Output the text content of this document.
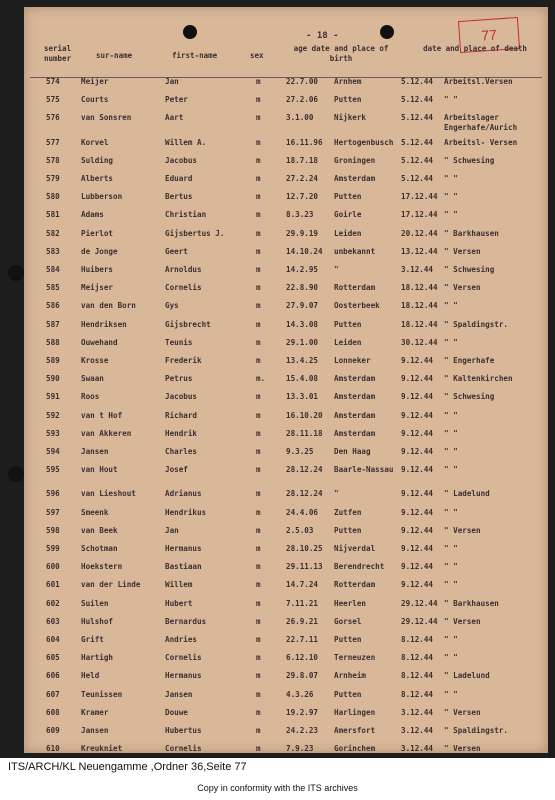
- 18 -	77
serial number	sur-name	first-name	sex
age date and place of birth
date and place of death
574	Meijer	Jan	m	22.7.00 Arnhem	5.12.44 Arbeitsl.Versen
575	Courts	Peter	m	27.2.06 Putten	5.12.44 " "
576	van Sonsren	Aart	m	3.1.00	Nijkerk	5.12.44 Arbeitslager Engerhafe/Aurich
577	Korvel	Willem A.	m	16.11.96 Hertogenbusch 5.12.44 Arbeitsl- Versen
578	Sulding	Jacobus	m	18.7.18 Groningen	5.12.44 " Schwesing
579	Alberts	Eduard	m	27.2.24 Amsterdam	5.12.44 " "
580	Lubberson	Bertus	m	12.7.20 Putten	17.12.44 " "
581	Adams	Christian	m	8.3.23	Goirle	17.12.44 " "
582	Pierlot	Gijsbertus J.	m	29.9.19 Leiden	20.12.44 " Barkhausen
583	de Jonge	Geert	m	14.10.24 unbekannt	13.12.44 " Versen
584	Huibers	Arnoldus	m	14.2.95 "	3.12.44 " Schwesing
585	Meijser	Cornelis	m	22.8.90 Rotterdam	18.12.44 " Versen
586	van den Born	Gys	m	27.9.07 Oosterbeek	18.12.44 " "
587	Hendriksen	Gijsbrecht	m	14.3.08 Putten	18.12.44 " Spaldingstr.
588	Ouwehand	Teunis	m	29.1.00 Leiden	30.12.44 " "
589	Krosse	Frederik	m	13.4.25 Lonneker	9.12.44 " Engerhafe
590	Swaan	Petrus	m.	15.4.08 Amsterdam	9.12.44 " Kaltenkirchen
591	Roos	Jacobus	m	13.3.01 Amsterdam	9.12.44 " Schwesing
592	van t Hof	Richard	m	16.10.20 Amsterdam	9.12.44 " "
593	van Akkeren	Hendrik	m	28.11.18 Amsterdam	9.12.44 " "
594	Jansen	Charles	m	9.3.25	Den Haag	9.12.44 " "
595	van Hout	Josef	m	28.12.24 Baarle-Nassau 9.12.44 " "
596	van Lieshout	Adrianus	m	28.12.24 "	9.12.44 " Ladelund
597	Smeenk	Hendrikus	m	24.4.06 Zutfen	9.12.44 " "
598	van Beek	Jan	m	2.5.03	Putten	9.12.44 " Versen
599	Schotman	Hermanus	m	28.10.25 Nijverdal	9.12.44 " "
600	Hoekstern	Bastiaan	m	29.11.13 Berendrecht	9.12.44 " "
601	van der Linde	Willem	m	14.7.24 Rotterdam	9.12.44 " "
602	Suilen	Hubert	m	7.11.21 Heerlen	29.12.44 " Barkhausen
603	Hulshof	Bernardus	m	26.9.21 Gorsel	29.12.44 " Versen
604	Grift	Andries	m	22.7.11 Putten	8.12.44 " "
605	Hartigh	Cornelis	m	6.12.10 Terneuzen	8.12.44 " "
606	Held	Hermanus	m	29.8.07 Arnheim	8.12.44 " Ladelund
607	Teunissen	Jansen	m	4.3.26	Putten	8.12.44 " "
608	Kramer	Douwe	m	19.2.97 Harlingen	3.12.44 " Versen
609	Jansen	Hubertus	m	24.2.23 Amersfort	3.12.44 " Spaldingstr.
610	Kreukniet	Cornelis	m	7.9.23	Gorinchem	3.12.44 " Versen
ITS/ARCH/KL Neuengamme ,Ordner 36,Seite 77
Copy in conformity with the ITS archives
